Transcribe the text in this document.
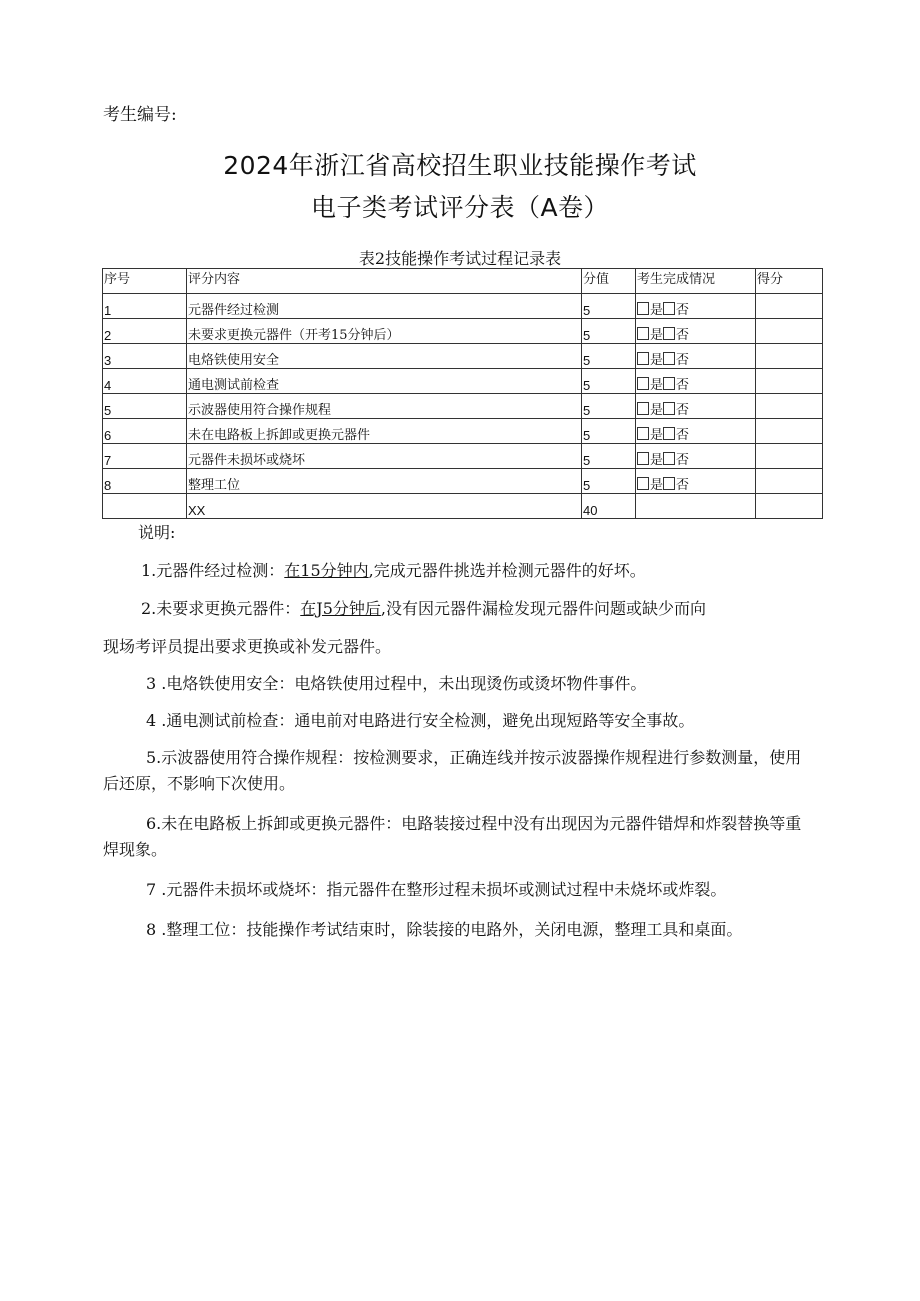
考生编号:
2024年浙江省高校招生职业技能操作考试
电子类考试评分表（A卷）
表2技能操作考试过程记录表
序号	评分内容	分值	考生完成情况	得分
1	元器件经过检测	5	是 否	
2	未要求更换元器件（开考15分钟后）	5	是 否	
3	电烙铁使用安全	5	是 否	
4	通电测试前检查	5	是 否	
5	示波器使用符合操作规程	5	是 否	
6	未在电路板上拆卸或更换元器件	5	是 否	
7	元器件未损坏或烧坏	5	是 否	
8	整理工位	5	是 否	
	XX	40		

说明:

1.元器件经过检测：在15分钟内,完成元器件挑选并检测元器件的好坏。

2.未要求更换元器件：在J5分钟后,没有因元器件漏检发现元器件问题或缺少而向

现场考评员提出要求更换或补发元器件。

3 .电烙铁使用安全：电烙铁使用过程中，未出现烫伤或烫坏物件事件。

4 .通电测试前检查：通电前对电路进行安全检测，避免出现短路等安全事故。

5.示波器使用符合操作规程：按检测要求，正确连线并按示波器操作规程进行参数测量，使用后还原，不影响下次使用。

6.未在电路板上拆卸或更换元器件：电路装接过程中没有出现因为元器件错焊和炸裂替换等重焊现象。

7 .元器件未损坏或烧坏：指元器件在整形过程未损坏或测试过程中未烧坏或炸裂。

8 .整理工位：技能操作考试结束时，除装接的电路外，关闭电源，整理工具和桌面。
